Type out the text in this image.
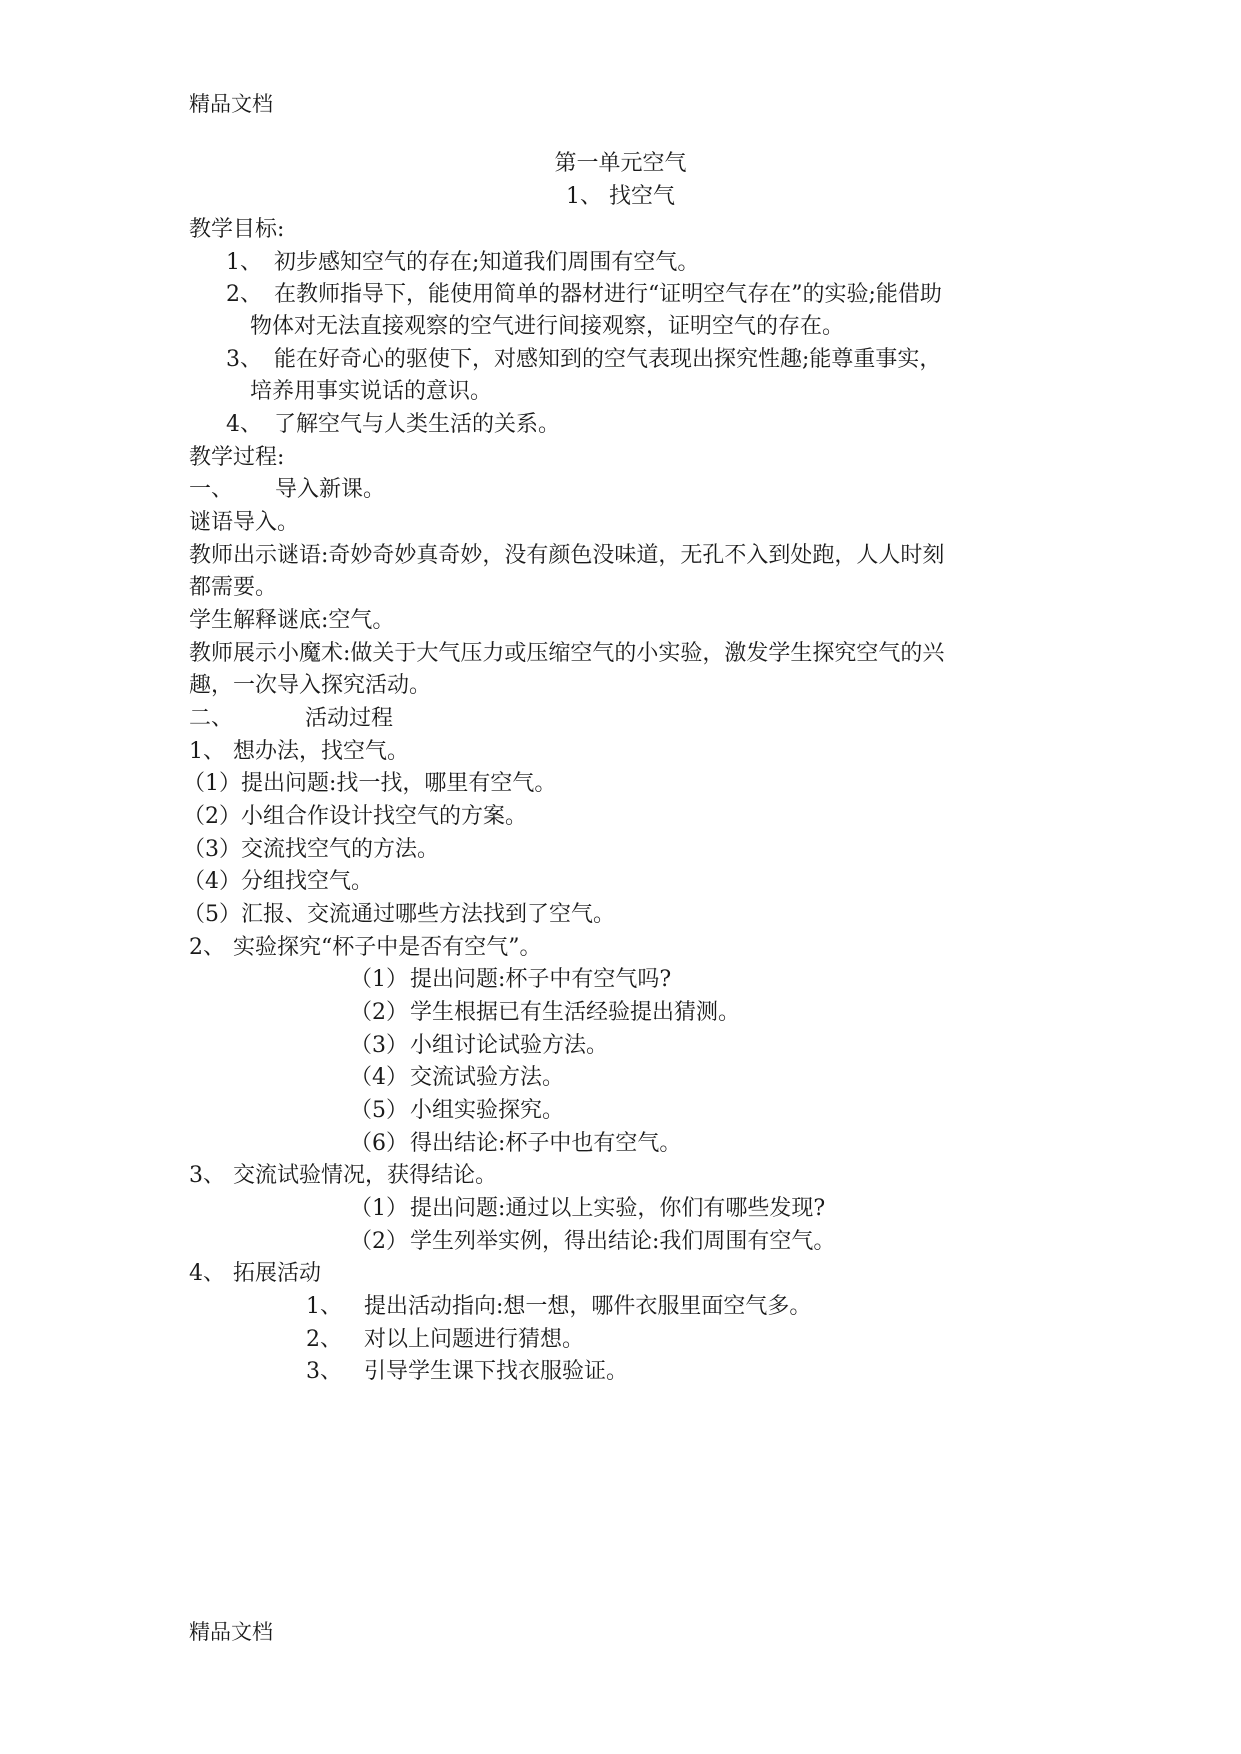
精品文档
第一单元空气
1、 找空气
教学目标:
1、 初步感知空气的存在;知道我们周围有空气。
2、 在教师指导下，能使用简单的器材进行“证明空气存在”的实验;能借助
物体对无法直接观察的空气进行间接观察，证明空气的存在。
3、 能在好奇心的驱使下，对感知到的空气表现出探究性趣;能尊重事实，
培养用事实说话的意识。
4、 了解空气与人类生活的关系。
教学过程:
一、 导入新课。
谜语导入。
教师出示谜语:奇妙奇妙真奇妙，没有颜色没味道，无孔不入到处跑，人人时刻
都需要。
学生解释谜底:空气。
教师展示小魔术:做关于大气压力或压缩空气的小实验，激发学生探究空气的兴
趣，一次导入探究活动。
二、	活动过程
1、 想办法，找空气。
（1）提出问题:找一找，哪里有空气。
（2）小组合作设计找空气的方案。
（3）交流找空气的方法。
（4）分组找空气。
（5）汇报、交流通过哪些方法找到了空气。
2、 实验探究“杯子中是否有空气”。
（1）提出问题:杯子中有空气吗?
（2）学生根据已有生活经验提出猜测。
（3）小组讨论试验方法。
（4）交流试验方法。
（5）小组实验探究。
（6）得出结论:杯子中也有空气。
3、 交流试验情况，获得结论。
（1）提出问题:通过以上实验，你们有哪些发现?
（2）学生列举实例，得出结论:我们周围有空气。
4、 拓展活动
1、 提出活动指向:想一想，哪件衣服里面空气多。
2、 对以上问题进行猜想。
3、 引导学生课下找衣服验证。
精品文档
